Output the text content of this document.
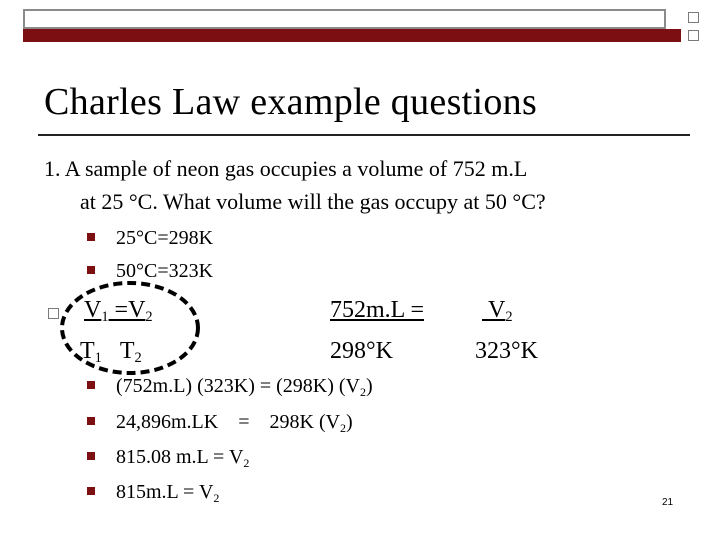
Charles Law example questions
1. A sample of neon gas occupies a volume of 752 m.L
at 25 °C. What volume will the gas occupy at 50 °C?
25°C=298K
50°C=323K
$V_1 =V_2$
$T_1$ $T_2$
752m.L =
298°K
$V_2$
323°K
(752m.L) (323K) = (298K) $(V_2)$
24,896m.LK    =    298K $(V_2)$
815.08 $m.L = V_2$
$815m.L = V_2$	21
